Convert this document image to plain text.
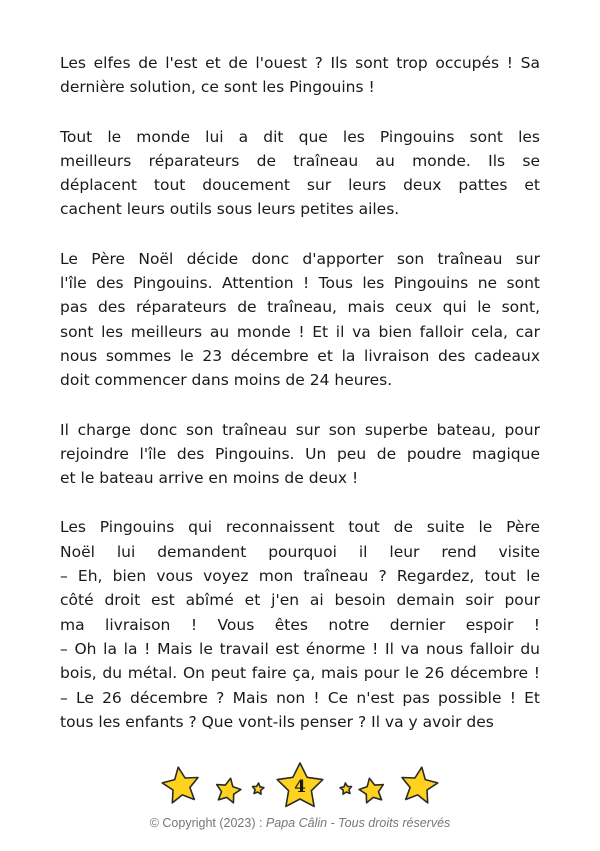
Les elfes de l'est et de l'ouest ? Ils sont trop occupés ! Sa
dernière solution, ce sont les Pingouins !

Tout le monde lui a dit que les Pingouins sont les
meilleurs réparateurs de traîneau au monde. Ils se
déplacent tout doucement sur leurs deux pattes et
cachent leurs outils sous leurs petites ailes.

Le Père Noël décide donc d'apporter son traîneau sur
l'île des Pingouins. Attention ! Tous les Pingouins ne sont
pas des réparateurs de traîneau, mais ceux qui le sont,
sont les meilleurs au monde ! Et il va bien falloir cela, car
nous sommes le 23 décembre et la livraison des cadeaux
doit commencer dans moins de 24 heures.

Il charge donc son traîneau sur son superbe bateau, pour
rejoindre l'île des Pingouins. Un peu de poudre magique
et le bateau arrive en moins de deux !

Les Pingouins qui reconnaissent tout de suite le Père
Noël lui demandent pourquoi il leur rend visite
– Eh, bien vous voyez mon traîneau ? Regardez, tout le
côté droit est abîmé et j'en ai besoin demain soir pour
ma livraison ! Vous êtes notre dernier espoir !
– Oh la la ! Mais le travail est énorme ! Il va nous falloir du
bois, du métal. On peut faire ça, mais pour le 26 décembre !
– Le 26 décembre ? Mais non ! Ce n'est pas possible ! Et
tous les enfants ? Que vont-ils penser ? Il va y avoir des

4
© Copyright (2023) : Papa Câlin - Tous droits réservés
